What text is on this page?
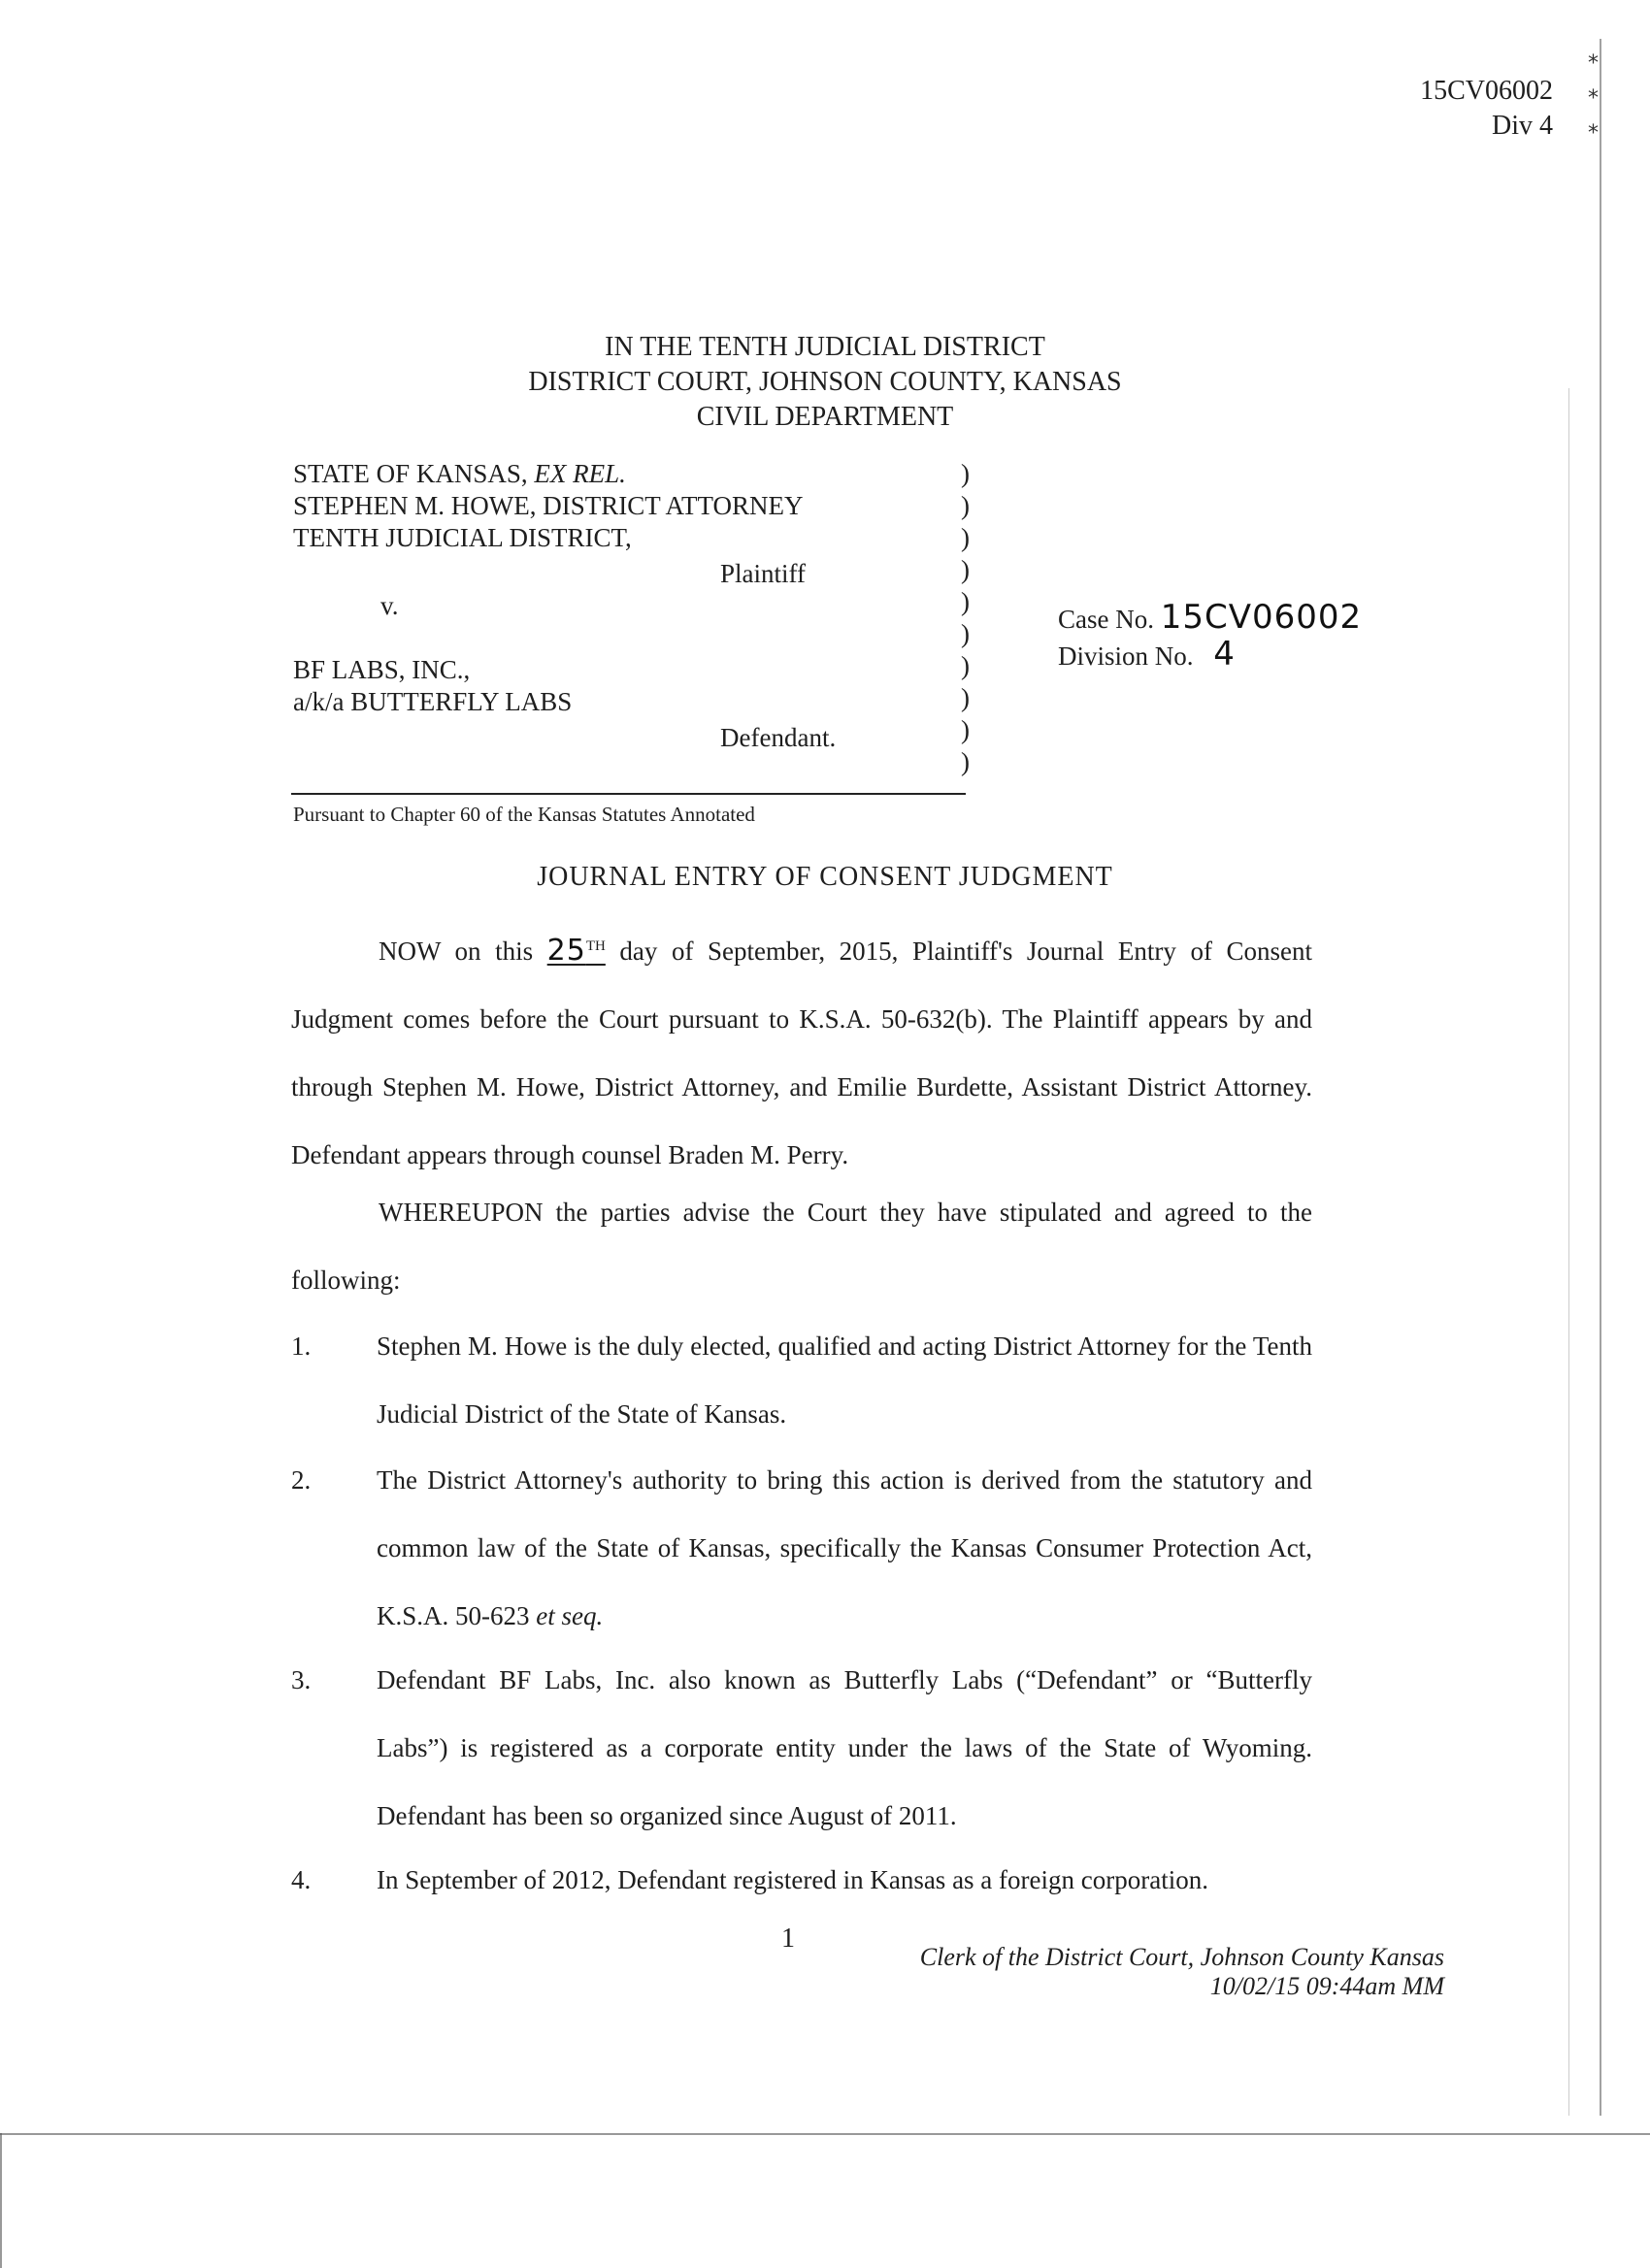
15CV06002
Div 4
*
*
*
IN THE TENTH JUDICIAL DISTRICT
DISTRICT COURT, JOHNSON COUNTY, KANSAS
CIVIL DEPARTMENT
STATE OF KANSAS, EX REL.
STEPHEN M. HOWE, DISTRICT ATTORNEY
TENTH JUDICIAL DISTRICT,
Plaintiff
v.
BF LABS, INC.,
a/k/a BUTTERFLY LABS
Defendant.
)
)
)
)
)
)
)
)
)
)
Pursuant to Chapter 60 of the Kansas Statutes Annotated
Case No. 15CV06002
Division No. 4
JOURNAL ENTRY OF CONSENT JUDGMENT
NOW on this 25TH day of September, 2015, Plaintiff's Journal Entry of Consent Judgment comes before the Court pursuant to K.S.A. 50-632(b). The Plaintiff appears by and through Stephen M. Howe, District Attorney, and Emilie Burdette, Assistant District Attorney. Defendant appears through counsel Braden M. Perry.
WHEREUPON the parties advise the Court they have stipulated and agreed to the following:
1.	Stephen M. Howe is the duly elected, qualified and acting District Attorney for the Tenth Judicial District of the State of Kansas.
2.	The District Attorney's authority to bring this action is derived from the statutory and common law of the State of Kansas, specifically the Kansas Consumer Protection Act, K.S.A. 50-623 et seq.
3.	Defendant BF Labs, Inc. also known as Butterfly Labs (“Defendant” or “Butterfly Labs”) is registered as a corporate entity under the laws of the State of Wyoming. Defendant has been so organized since August of 2011.
4.	In September of 2012, Defendant registered in Kansas as a foreign corporation.
1
Clerk of the District Court, Johnson County Kansas
10/02/15 09:44am MM
